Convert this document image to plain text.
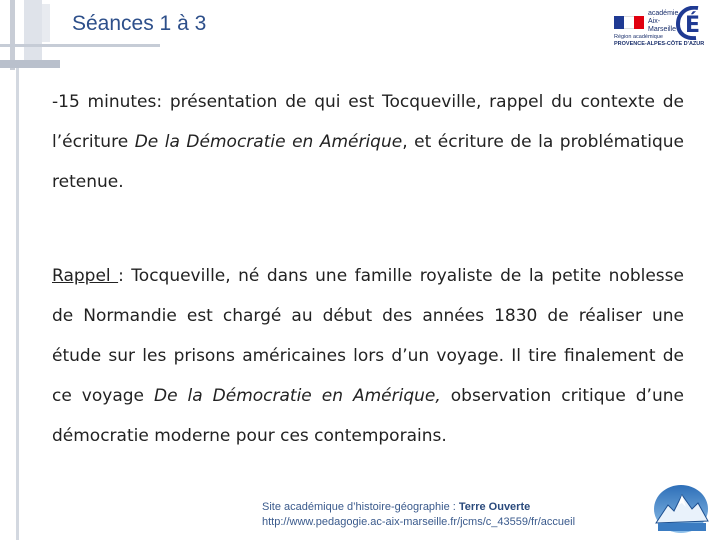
Séances 1 à 3	académie
Aix-Marseille É
Région académique
PROVENCE-ALPES-CÔTE D'AZUR

-15 minutes: présentation de qui est Tocqueville, rappel du contexte de l’écriture De la Démocratie en Amérique, et écriture de la problématique retenue.

Rappel : Tocqueville, né dans une famille royaliste de la petite noblesse de Normandie est chargé au début des années 1830 de réaliser une étude sur les prisons américaines lors d’un voyage. Il tire finalement de ce voyage De la Démocratie en Amérique, observation critique d’une démocratie moderne pour ces contemporains.

Site académique d’histoire-géographie : Terre Ouverte
http://www.pedagogie.ac-aix-marseille.fr/jcms/c_43559/fr/accueil
